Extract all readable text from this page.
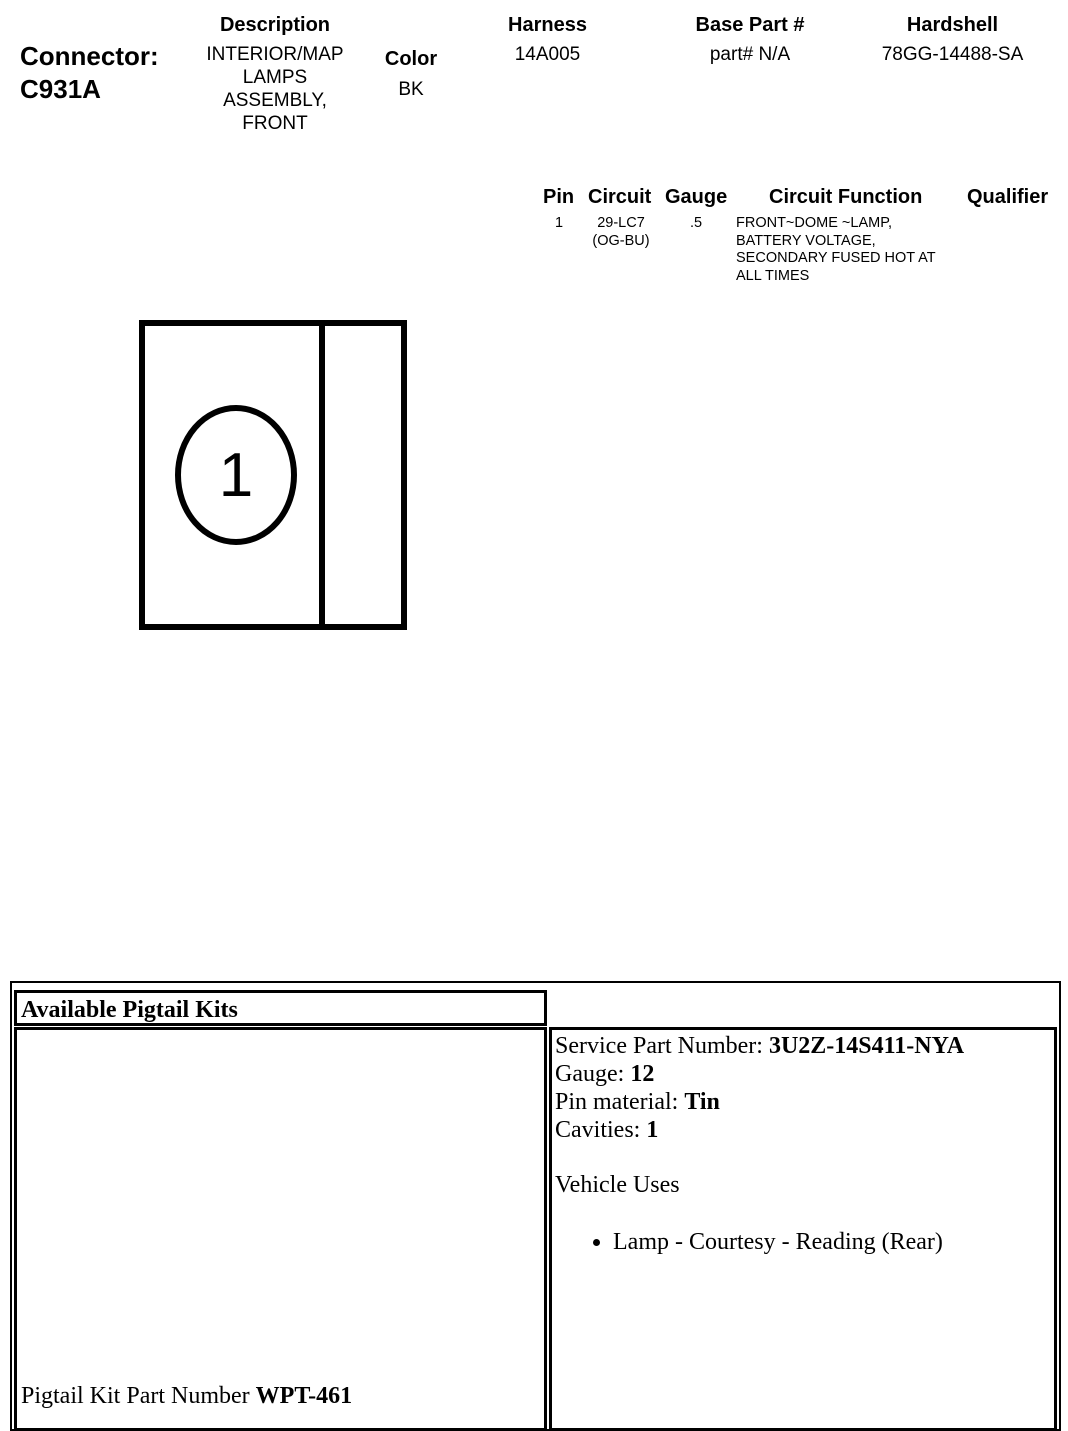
Connector:
C931A
Description
INTERIOR/MAP
LAMPS
ASSEMBLY,
FRONT
Color
BK
Harness
14A005
Base Part #
part# N/A
Hardshell
78GG-14488-SA
Pin Circuit Gauge Circuit Function Qualifier
1	29-LC7
(OG-BU)
.5 FRONT~DOME ~LAMP,
BATTERY VOLTAGE,
SECONDARY FUSED HOT AT
ALL TIMES
1
Available Pigtail Kits
Pigtail Kit Part Number WPT-461
Service Part Number: 3U2Z-14S411-NYA
Gauge: 12
Pin material: Tin
Cavities: 1
Vehicle Uses
• Lamp - Courtesy - Reading (Rear)
